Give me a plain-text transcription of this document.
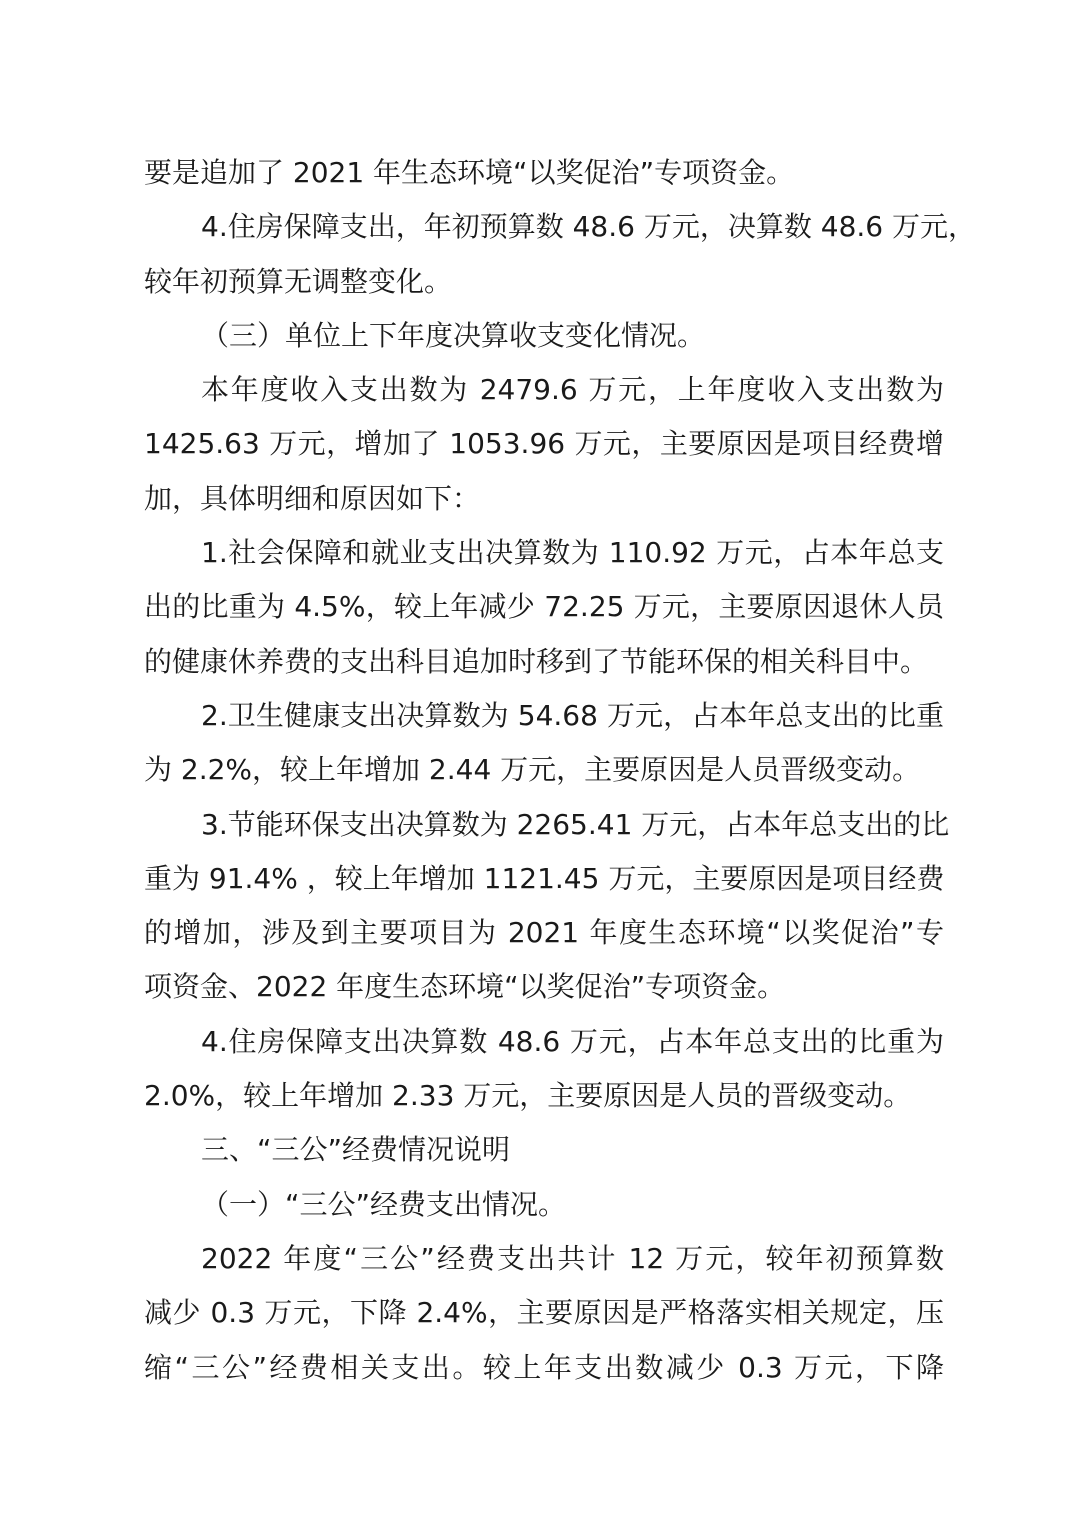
要是追加了 2021 年生态环境“以奖促治”专项资金。
4.住房保障支出，年初预算数 48.6 万元，决算数 48.6 万元，
较年初预算无调整变化。
（三）单位上下年度决算收支变化情况。
本年度收入支出数为 2479.6 万元，上年度收入支出数为
1425.63 万元，增加了 1053.96 万元，主要原因是项目经费增
加，具体明细和原因如下：
1.社会保障和就业支出决算数为 110.92 万元，占本年总支
出的比重为 4.5%，较上年减少 72.25 万元，主要原因退休人员
的健康休养费的支出科目追加时移到了节能环保的相关科目中。
2.卫生健康支出决算数为 54.68 万元，占本年总支出的比重
为 2.2%，较上年增加 2.44 万元，主要原因是人员晋级变动。
3.节能环保支出决算数为 2265.41 万元，占本年总支出的比
重为 91.4% ，较上年增加 1121.45 万元，主要原因是项目经费
的增加，涉及到主要项目为 2021 年度生态环境“以奖促治”专
项资金、2022 年度生态环境“以奖促治”专项资金。
4.住房保障支出决算数 48.6 万元，占本年总支出的比重为
2.0%，较上年增加 2.33 万元，主要原因是人员的晋级变动。
三、“三公”经费情况说明
（一）“三公”经费支出情况。
2022 年度“三公”经费支出共计 12 万元，较年初预算数
减少 0.3 万元，下降 2.4%，主要原因是严格落实相关规定，压
缩“三公”经费相关支出。较上年支出数减少 0.3 万元，下降
